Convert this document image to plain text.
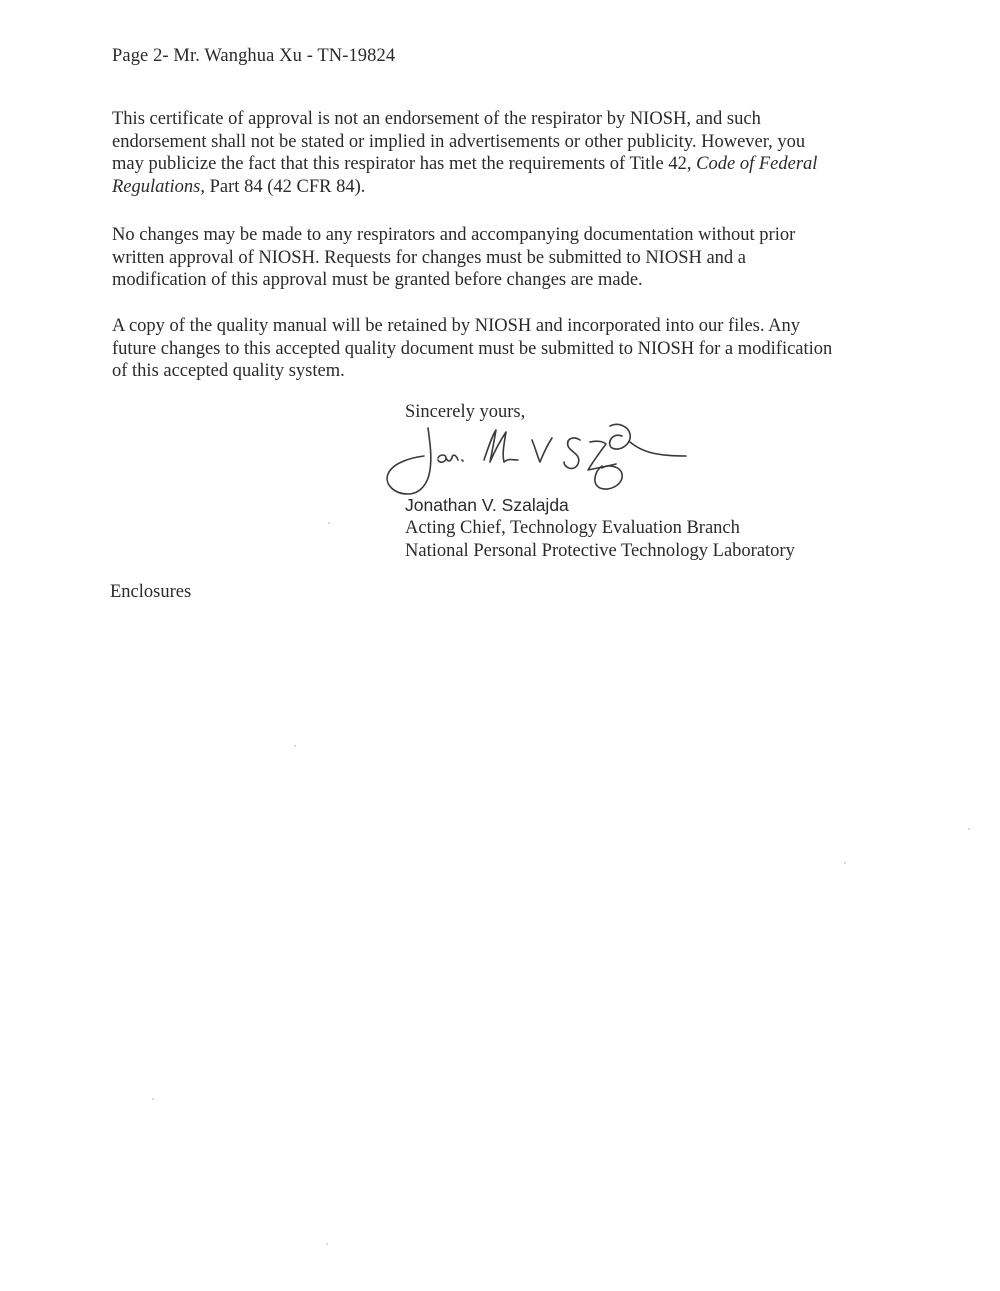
Page 2- Mr. Wanghua Xu - TN-19824

This certificate of approval is not an endorsement of the respirator by NIOSH, and such
endorsement shall not be stated or implied in advertisements or other publicity. However, you
may publicize the fact that this respirator has met the requirements of Title 42, Code of Federal
Regulations, Part 84 (42 CFR 84).

No changes may be made to any respirators and accompanying documentation without prior
written approval of NIOSH. Requests for changes must be submitted to NIOSH and a
modification of this approval must be granted before changes are made.

A copy of the quality manual will be retained by NIOSH and incorporated into our files. Any
future changes to this accepted quality document must be submitted to NIOSH for a modification
of this accepted quality system.

Sincerely yours,
Jonathan V. Szalajda
Acting Chief, Technology Evaluation Branch
National Personal Protective Technology Laboratory
Enclosures
